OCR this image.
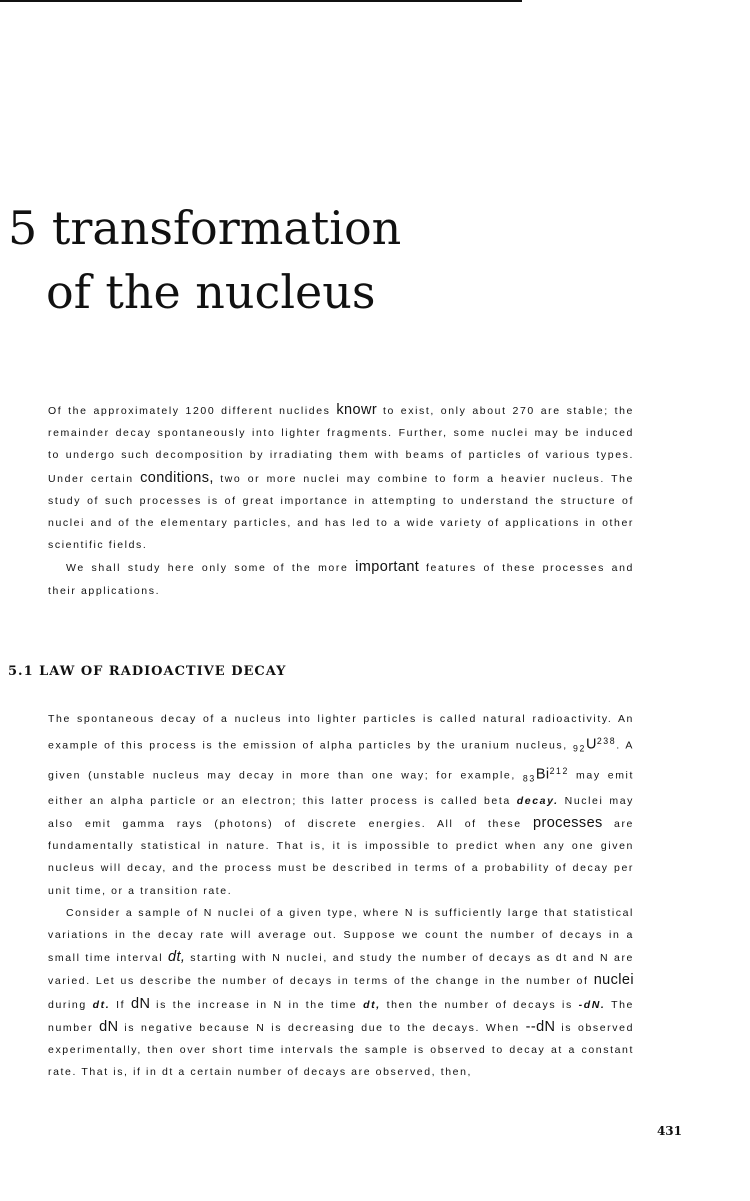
5 transformation
of the nucleus

Of the approximately 1200 different nuclides knowr to exist, only about 270 are stable; the remainder decay spontaneously into lighter fragments. Further, some nuclei may be induced to undergo such decomposition by irradiating them with beams of particles of various types. Under certain conditions, two or more nuclei may combine to form a heavier nucleus. The study of such processes is of great importance in attempting to understand the structure of nuclei and of the elementary particles, and has led to a wide variety of applications in other scientific fields.

We shall study here only some of the more important features of these processes and their applications.

5.1 LAW OF RADIOACTIVE DECAY

The spontaneous decay of a nucleus into lighter particles is called natural radioactivity. An example of this process is the emission of alpha particles by the uranium nucleus, $_{92}U^{238}$. A given (unstable nucleus may decay in more than one way; for example, $_{83}Bi^{212}$ may emit either an alpha particle or an electron; this latter process is called beta decay. Nuclei may also emit gamma rays (photons) of discrete energies. All of these processes are fundamentally statistical in nature. That is, it is impossible to predict when any one given nucleus will decay, and the process must be described in terms of a probability of decay per unit time, or a transition rate.

Consider a sample of N nuclei of a given type, where N is sufficiently large that statistical variations in the decay rate will average out. Suppose we count the number of decays in a small time interval dt, starting with N nuclei, and study the number of decays as dt and N are varied. Let us describe the number of decays in terms of the change in the number of nuclei during dt. If dN is the increase in N in the time dt, then the number of decays is -dN. The number dN is negative because N is decreasing due to the decays. When --dN is observed experimentally, then over short time intervals the sample is observed to decay at a constant rate. That is, if in dt a certain number of decays are observed, then,

431
